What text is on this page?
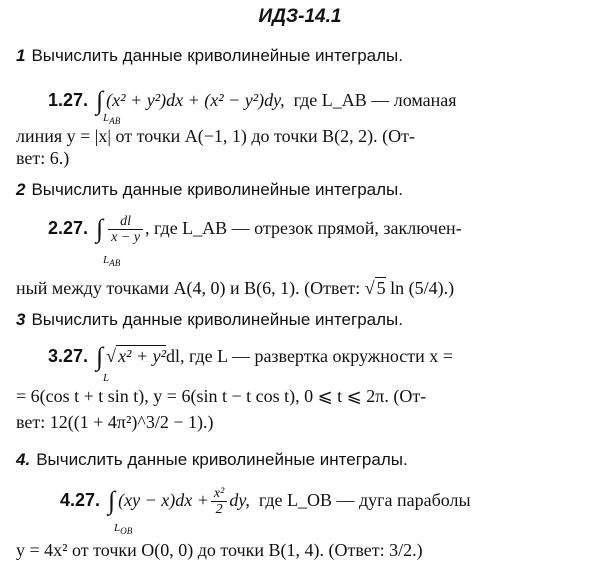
ИДЗ-14.1
1 Вычислить данные криволинейные интегралы.
1.27. ∫ (x² + y²)dx + (x² − y²)dy, где L_AB — ломаная
$L_{AB}$
линия y = |x| от точки A(−1, 1) до точки B(2, 2). (От-
вет: 6.)
2 Вычислить данные криволинейные интегралы.
2.27. ∫ $\frac{dl}{x - y}$ , где L_AB — отрезок прямой, заключен-
$L_{AB}$
ный между точками A(4, 0) и B(6, 1). (Ответ: √ 5 ln (5/4).)
3 Вычислить данные криволинейные интегралы.
3.27. ∫ √ x² + y²dl, где L — развертка окружности x =
L
= 6(cos t + t sin t), y = 6(sin t − t cos t), 0 ⩽ t ⩽ 2π. (От-
вет: 12((1 + 4π²)^3/2 − 1).)
4. Вычислить данные криволинейные интегралы.
4.27. ∫ $(xy - x)dx + \frac{\text{x²}}{2}$ dy, где L_OB — дуга параболы
$L_{OB}$
y = 4x² от точки O(0, 0) до точки B(1, 4). (Ответ: 3/2.)
